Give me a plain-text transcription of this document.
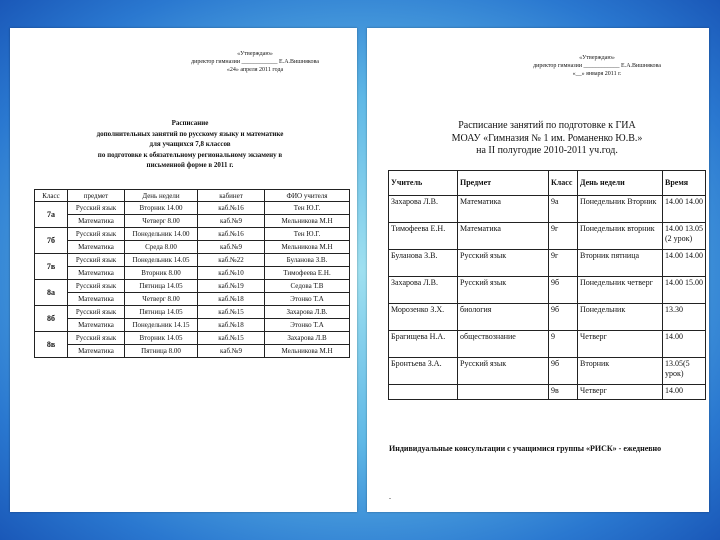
«Утверждаю»
директор гимназии ____________ Е.А.Вишнякова
«24» апреля 2011 года
Расписание
дополнительных занятий по русскому языку и математике
для учащихся 7,8 классов
по подготовке к обязательному региональному экзамену в
письменной форме в 2011 г.
Класс	предмет	День недели	кабинет	ФИО учителя
7а	Русский язык	Вторник 14.00	каб.№16	Тен Ю.Г.
	Математика	Четверг 8.00	каб.№9	Мельникова М.Н
7б	Русский язык	Понедельник 14.00	каб.№16	Тен Ю.Г.
	Математика	Среда 8.00	каб.№9	Мельникова М.Н
7в	Русский язык	Понедельник 14.05	каб.№22	Буланова З.В.
	Математика	Вторник 8.00	каб.№10	Тимофеева Е.Н.
8а	Русский язык	Пятница 14.05	каб.№19	Седова Т.В
	Математика	Четверг 8.00	каб.№18	Этонко Т.А
8б	Русский язык	Пятница 14.05	каб.№15	Захарова Л.В.
	Математика	Понедельник 14.15	каб.№18	Этонко Т.А
8в	Русский язык	Вторник 14.05	каб.№15	Захарова Л.В
	Математика	Пятница 8.00	каб.№9	Мельникова М.Н
«Утверждаю»
директор гимназии ____________ Е.А.Вишнякова
«__» января 2011 г.
Расписание занятий по подготовке к ГИА
МОАУ «Гимназия № 1 им. Романенко Ю.В.»
на II полугодие 2010-2011 уч.год.
Учитель	Предмет	Класс	День недели	Время
Захарова Л.В.	Математика	9а	Понедельник Вторник	14.00 14.00
Тимофеева Е.Н.	Математика	9г	Понедельник вторник	14.00 13.05 (2 урок)
Буланова З.В.	Русский язык	9г	Вторник пятница	14.00 14.00
Захарова Л.В.	Русский язык	9б	Понедельник четверг	14.00 15.00
Морозенко З.Х.	биология	9б	Понедельник	13.30
Брагищева Н.А.	обществознание	9	Четверг	14.00
Бронтьева З.А.	Русский язык	9б	Вторник	13.05(5 урок)
		9в	Четверг	14.00
Индивидуальные консультации с учащимися группы «РИСК» - ежедневно
.
